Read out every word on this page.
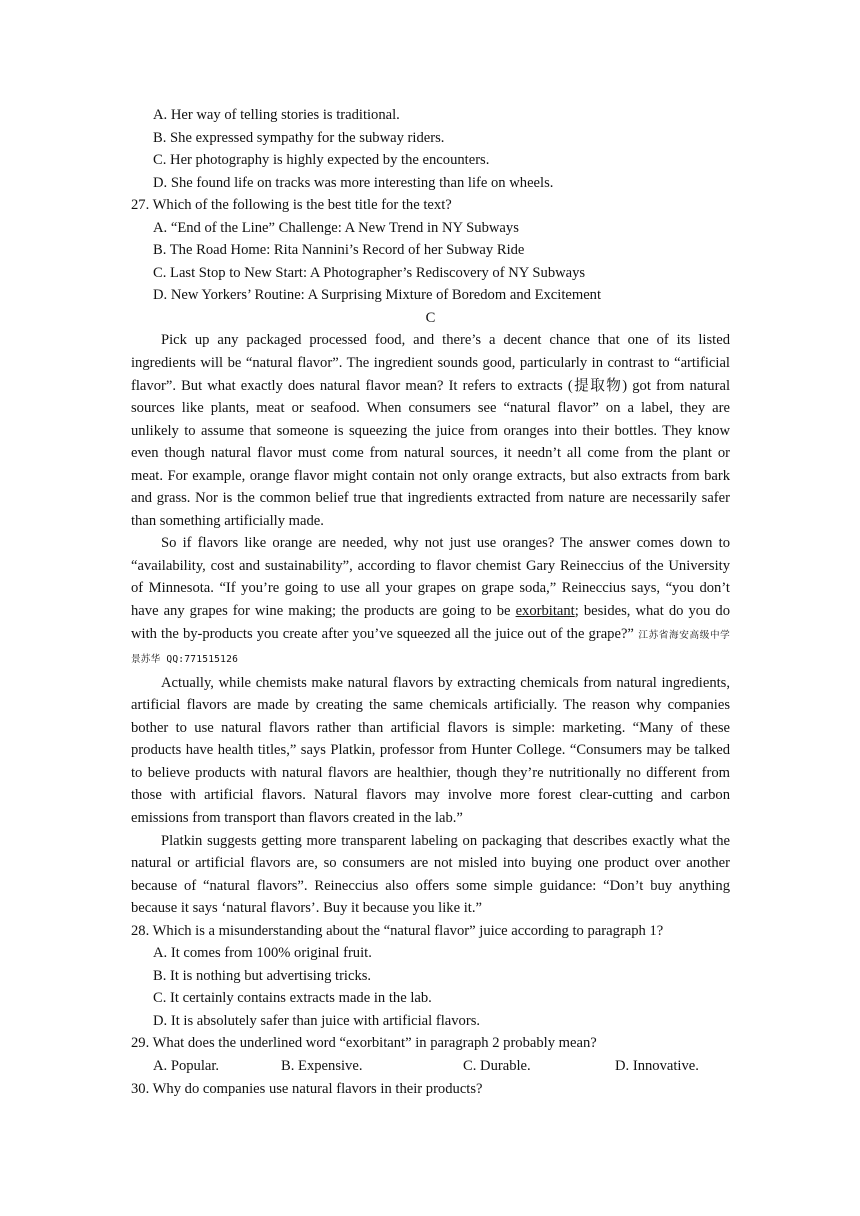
A. Her way of telling stories is traditional.
B. She expressed sympathy for the subway riders.
C. Her photography is highly expected by the encounters.
D. She found life on tracks was more interesting than life on wheels.
27. Which of the following is the best title for the text?
A. “End of the Line” Challenge: A New Trend in NY Subways
B. The Road Home: Rita Nannini’s Record of her Subway Ride
C. Last Stop to New Start: A Photographer’s Rediscovery of NY Subways
D. New Yorkers’ Routine: A Surprising Mixture of Boredom and Excitement
C
Pick up any packaged processed food, and there’s a decent chance that one of its listed ingredients will be “natural flavor”. The ingredient sounds good, particularly in contrast to “artificial flavor”. But what exactly does natural flavor mean? It refers to extracts (提取物) got from natural sources like plants, meat or seafood. When consumers see “natural flavor” on a label, they are unlikely to assume that someone is squeezing the juice from oranges into their bottles. They know even though natural flavor must come from natural sources, it needn’t all come from the plant or meat. For example, orange flavor might contain not only orange extracts, but also extracts from bark and grass. Nor is the common belief true that ingredients extracted from nature are necessarily safer than something artificially made.
So if flavors like orange are needed, why not just use oranges? The answer comes down to “availability, cost and sustainability”, according to flavor chemist Gary Reineccius of the University of Minnesota. “If you’re going to use all your grapes on grape soda,” Reineccius says, “you don’t have any grapes for wine making; the products are going to be exorbitant; besides, what do you do with the by-products you create after you’ve squeezed all the juice out of the grape?” 江苏省海安高级中学 景苏华 QQ:771515126
Actually, while chemists make natural flavors by extracting chemicals from natural ingredients, artificial flavors are made by creating the same chemicals artificially. The reason why companies bother to use natural flavors rather than artificial flavors is simple: marketing. “Many of these products have health titles,” says Platkin, professor from Hunter College. “Consumers may be talked to believe products with natural flavors are healthier, though they’re nutritionally no different from those with artificial flavors. Natural flavors may involve more forest clear-cutting and carbon emissions from transport than flavors created in the lab.”
Platkin suggests getting more transparent labeling on packaging that describes exactly what the natural or artificial flavors are, so consumers are not misled into buying one product over another because of “natural flavors”. Reineccius also offers some simple guidance: “Don’t buy anything because it says ‘natural flavors’. Buy it because you like it.”
28. Which is a misunderstanding about the “natural flavor” juice according to paragraph 1?
A. It comes from 100% original fruit.
B. It is nothing but advertising tricks.
C. It certainly contains extracts made in the lab.
D. It is absolutely safer than juice with artificial flavors.
29. What does the underlined word “exorbitant” in paragraph 2 probably mean?
A. Popular.	B. Expensive.	C. Durable.	D. Innovative.
30. Why do companies use natural flavors in their products?
